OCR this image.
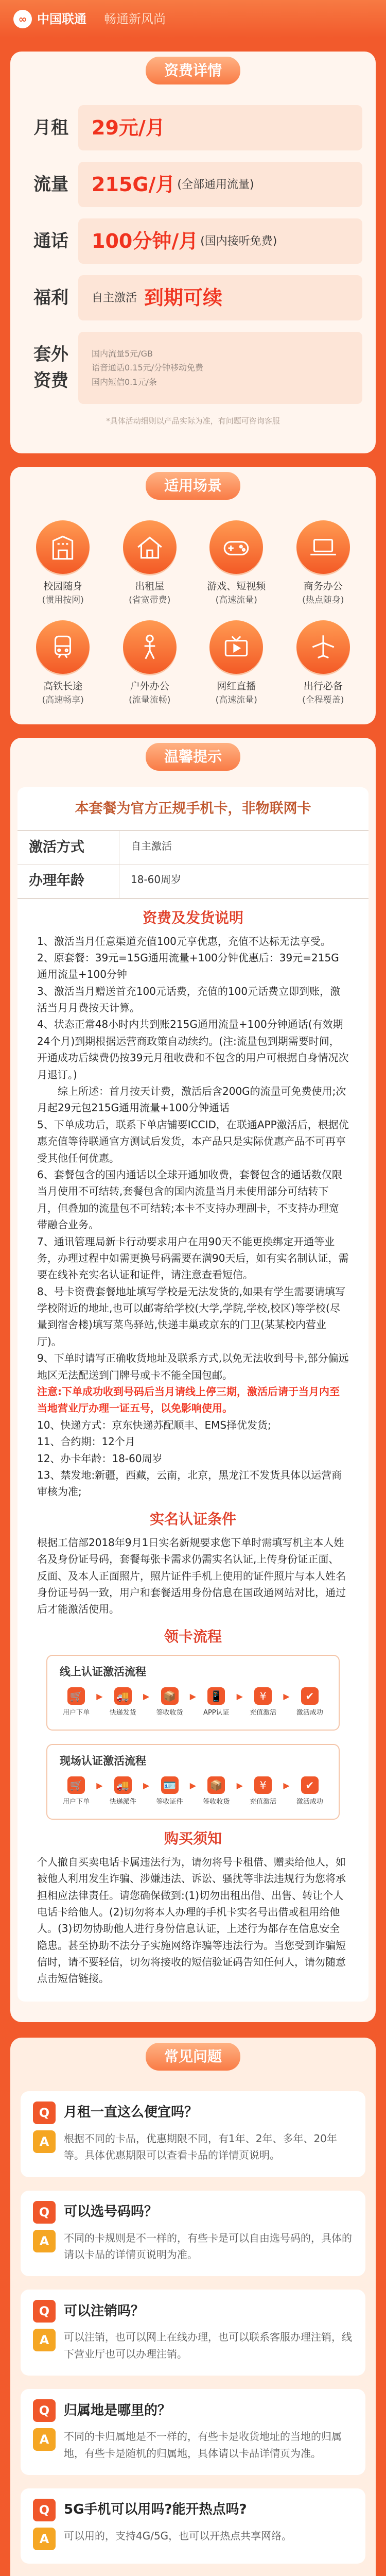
∞ 中国联通 畅通新风尚
资费详情
月租	29元/月
流量	215G/月 (全部通用流量)
通话	100分钟/月 (国内接听免费)
福利	自主激活 到期可续
套外
资费
国内流量5元/GB
语音通话0.15元/分钟移动免费
国内短信0.1元/条
*具体活动细则以产品实际为准，有问题可咨询客服
适用场景
校园随身
(惯用按网)
出租屋
(省宽带费)
游戏、短视频
(高速流量)
商务办公
(热点随身)
高铁长途
(高速畅享)
户外办公
(流量流畅)
网红直播
(高速流量)
出行必备
(全程覆盖)
温馨提示
本套餐为官方正规手机卡，非物联网卡
激活方式	自主激活
办理年龄	18-60周岁
资费及发货说明

1、激活当月任意渠道充值100元享优惠，充值不达标无法享受。

2、原套餐：39元=15G通用流量+100分钟优惠后：39元=215G通用流量+100分钟

3、激活当月赠送首充100元话费，充值的100元话费立即到账，激活当月月费按天计算。

4、状态正常48小时内共到账215G通用流量+100分钟通话(有效期24个月)到期根据运营商政策自动续约。(注:流量包到期需要时间，开通成功后续费仍按39元月租收费和不包含的用户可根据自身情况次月退订。)

　　综上所述：首月按天计费，激活后含200G的流量可免费使用;次月起29元包215G通用流量+100分钟通话

5、下单成功后，联系下单店铺要ICCID，在联通APP激活后，根据优惠充值等待联通官方测试后发货，本产品只是实际优惠产品不可再享受其他任何优惠。

6、套餐包含的国内通话以全球开通加收费，套餐包含的通话数仅限当月使用不可结转,套餐包含的国内流量当月未使用部分可结转下月，但叠加的流量包不可结转;本卡不支持办理副卡，不支持办理宽带融合业务。

7、通讯管理局新卡行动要求用户在用90天不能更换绑定开通等业务，办理过程中如需更换号码需要在满90天后，如有实名制认证，需要在线补充实名认证和证件，请注意查看短信。

8、号卡资费套餐地址填写学校是无法发货的,如果有学生需要请填写学校附近的地址,也可以邮寄给学校(大学,学院,学校,校区)等学校(尽量到宿舍楼)填写菜鸟驿站,快递丰巢或京东的门卫(某某校内营业厅)。

9、下单时请写正确收货地址及联系方式,以免无法收到号卡,部分偏远地区无法配送到门牌号或卡不能全国包邮。

注意:下单成功收到号码后当月请线上停三期，激活后请于当月内至当地营业厅办理一证五号，以免影响使用。

10、快递方式：京东快递苏配顺丰、EMS择优发货;

11、合约期：12个月

12、办卡年龄：18-60周岁

13、禁发地:新疆，西藏，云南，北京，黑龙江不发货具体以运营商审核为准;

实名认证条件
根据工信部2018年9月1日实名新规要求您下单时需填写机主本人姓名及身份证号码，套餐每张卡需求仍需实名认证,上传身份证正面、反面、及本人正面照片，照片证件手机上使用的证件照片与本人姓名身份证号码一致，用户和套餐适用身份信息在国政通网站对比，通过后才能激活使用。
领卡流程
线上认证激活流程
🛒
用户下单
▶ 🚚
快递发货
▶ 📦
签收收货
▶ 📱
APP认证
▶	¥
充值激活
▶	✔
激活成功
现场认证激活流程
🛒
用户下单
▶ 🚚
快递派件
▶ 🪪
签收证件
▶ 📦
签收收货
▶	¥
充值激活
▶	✔
激活成功
购买须知
个人撤自买卖电话卡属违法行为，请勿将号卡租借、赠卖给他人，如被他人利用发生诈骗、涉嫌违法、诉讼、骚扰等非法违规行为您将承担相应法律责任。请您确保做到:(1)切勿出租出借、出售、转让个人电话卡给他人。(2)切勿将本人办理的手机卡实名号出借或租用给他人。(3)切勿协助他人进行身份信息认证，上述行为都存在信息安全隐患。甚至协助不法分子实施网络诈骗等违法行为。当您受到诈骗短信时，请不要轻信，切勿将接收的短信验证码告知任何人，请勿随意点击短信链接。
常见问题
Q	月租一直这么便宜吗？
A	根据不同的卡品，优惠期限不同，有1年、2年、多年、20年等。具体优惠期限可以查看卡品的详情页说明。
Q	可以选号码吗？
A	不同的卡规则是不一样的，有些卡是可以自由选号码的，具体的请以卡品的详情页说明为准。
Q	可以注销吗？
A	可以注销，也可以网上在线办理，也可以联系客服办理注销，线下营业厅也可以办理注销。
Q	归属地是哪里的？
A	不同的卡归属地是不一样的，有些卡是收货地址的当地的归属地，有些卡是随机的归属地，具体请以卡品详情页为准。
Q	5G手机可以用吗?能开热点吗?
A	可以用的，支持4G/5G，也可以开热点共享网络。
